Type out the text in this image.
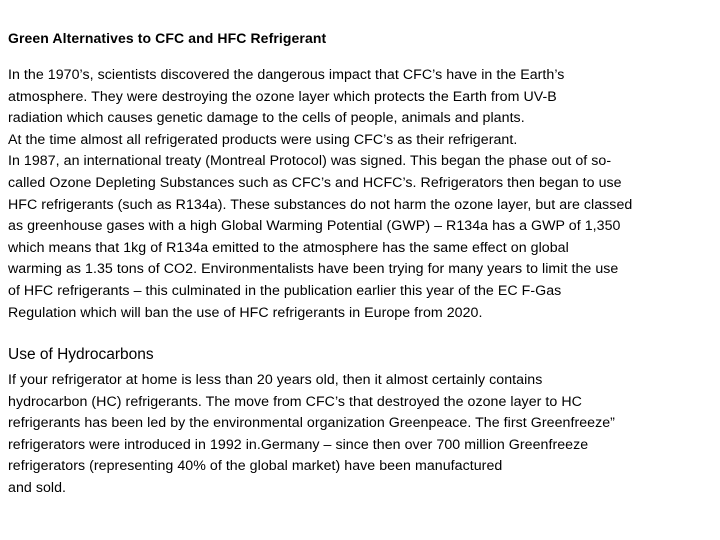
Green Alternatives to CFC and HFC Refrigerant
In the 1970’s, scientists discovered the dangerous impact that CFC’s have in the Earth’s
atmosphere. They were destroying the ozone layer which protects the Earth from UV-B
radiation which causes genetic damage to the cells of people, animals and plants.
At the time almost all refrigerated products were using CFC’s as their refrigerant.
In 1987, an international treaty (Montreal Protocol) was signed. This began the phase out of so-
called Ozone Depleting Substances such as CFC’s and HCFC’s. Refrigerators then began to use
HFC refrigerants (such as R134a). These substances do not harm the ozone layer, but are classed
as greenhouse gases with a high Global Warming Potential (GWP) – R134a has a GWP of 1,350
which means that 1kg of R134a emitted to the atmosphere has the same effect on global
warming as 1.35 tons of CO2. Environmentalists have been trying for many years to limit the use
of HFC refrigerants – this culminated in the publication earlier this year of the EC F-Gas
Regulation which will ban the use of HFC refrigerants in Europe from 2020.
Use of Hydrocarbons
If your refrigerator at home is less than 20 years old, then it almost certainly contains
hydrocarbon (HC) refrigerants. The move from CFC’s that destroyed the ozone layer to HC
refrigerants has been led by the environmental organization Greenpeace. The first Greenfreeze”
refrigerators were introduced in 1992 in.Germany – since then over 700 million Greenfreeze
refrigerators (representing 40% of the global market) have been manufactured
and sold.
